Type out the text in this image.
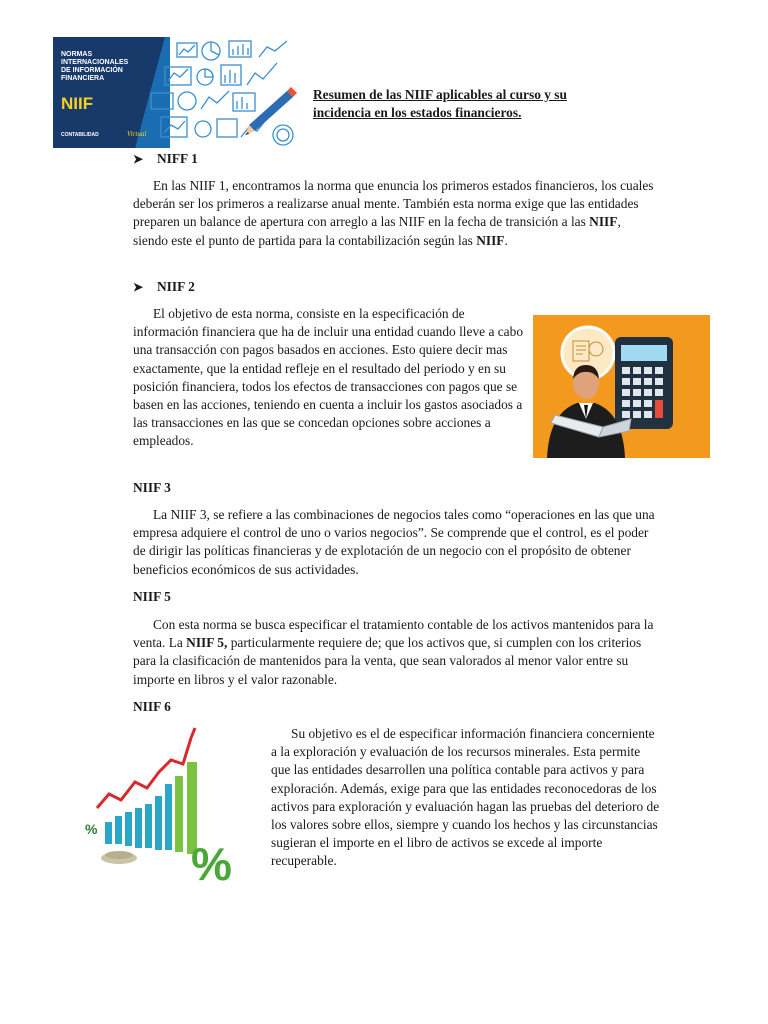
NORMAS
INTERNACIONALES
DE INFORMACIÓN
FINANCIERA
NIIF
CONTABILIDAD	Virtual
Resumen de las NIIF aplicables al curso y su
incidencia en los estados financieros.
➤ NIFF 1

En las NIIF 1, encontramos la norma que enuncia los primeros estados financieros, los cuales deberán ser los primeros a realizarse anual mente. También esta norma exige que las entidades preparen un balance de apertura con arreglo a las NIIF en la fecha de transición a las NIIF, siendo este el punto de partida para la contabilización según las NIIF.

➤ NIIF 2

El objetivo de esta norma, consiste en la especificación de información financiera que ha de incluir una entidad cuando lleve a cabo una transacción con pagos basados en acciones. Esto quiere decir mas exactamente, que la entidad refleje en el resultado del periodo y en su posición financiera, todos los efectos de transacciones con pagos que se basen en las acciones, teniendo en cuenta a incluir los gastos asociados a las transacciones en las que se concedan opciones sobre acciones a empleados.

NIIF 3

La NIIF 3, se refiere a las combinaciones de negocios tales como “operaciones en las que una empresa adquiere el control de uno o varios negocios”. Se comprende que el control, es el poder de dirigir las políticas financieras y de explotación de un negocio con el propósito de obtener beneficios económicos de sus actividades.

NIIF 5

Con esta norma se busca especificar el tratamiento contable de los activos mantenidos para la venta. La NIIF 5, particularmente requiere de; que los activos que, si cumplen con los criterios para la clasificación de mantenidos para la venta, que sean valorados al menor valor entre su importe en libros y el valor razonable.

NIIF 6
%
%

Su objetivo es el de especificar información financiera concerniente a la exploración y evaluación de los recursos minerales. Esta permite que las entidades desarrollen una política contable para activos y para exploración. Además, exige para que las entidades reconocedoras de los activos para exploración y evaluación hagan las pruebas del deterioro de los valores sobre ellos, siempre y cuando los hechos y las circunstancias sugieran el importe en el libro de activos se excede al importe recuperable.
